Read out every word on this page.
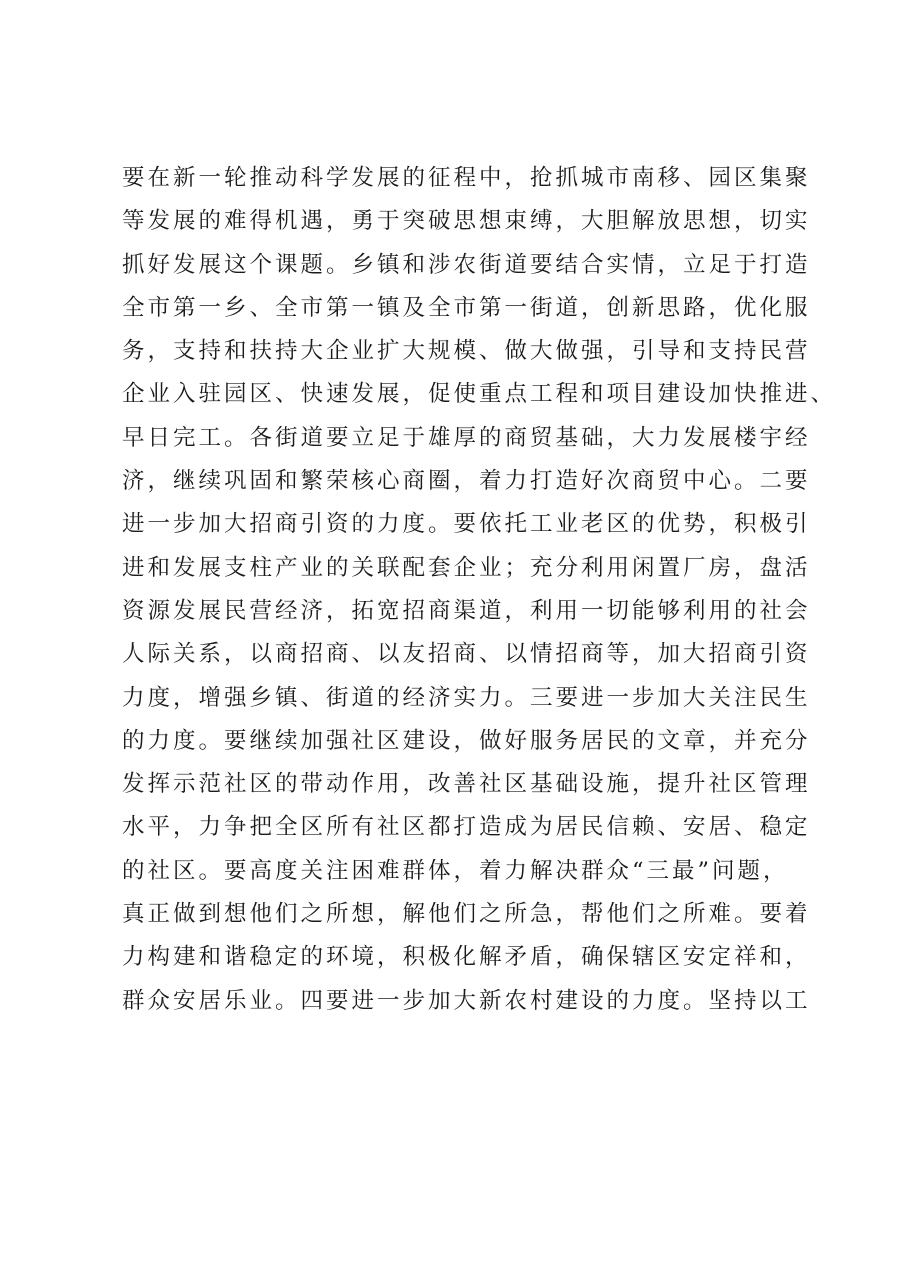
要在新一轮推动科学发展的征程中，抢抓城市南移、园区集聚
等发展的难得机遇，勇于突破思想束缚，大胆解放思想，切实
抓好发展这个课题。乡镇和涉农街道要结合实情，立足于打造
全市第一乡、全市第一镇及全市第一街道，创新思路，优化服
务，支持和扶持大企业扩大规模、做大做强，引导和支持民营
企业入驻园区、快速发展，促使重点工程和项目建设加快推进、
早日完工。各街道要立足于雄厚的商贸基础，大力发展楼宇经
济，继续巩固和繁荣核心商圈，着力打造好次商贸中心。二要
进一步加大招商引资的力度。要依托工业老区的优势，积极引
进和发展支柱产业的关联配套企业；充分利用闲置厂房，盘活
资源发展民营经济，拓宽招商渠道，利用一切能够利用的社会
人际关系，以商招商、以友招商、以情招商等，加大招商引资
力度，增强乡镇、街道的经济实力。三要进一步加大关注民生
的力度。要继续加强社区建设，做好服务居民的文章，并充分
发挥示范社区的带动作用，改善社区基础设施，提升社区管理
水平，力争把全区所有社区都打造成为居民信赖、安居、稳定
的社区。要高度关注困难群体，着力解决群众“三最”问题，
真正做到想他们之所想，解他们之所急，帮他们之所难。要着
力构建和谐稳定的环境，积极化解矛盾，确保辖区安定祥和，
群众安居乐业。四要进一步加大新农村建设的力度。坚持以工
